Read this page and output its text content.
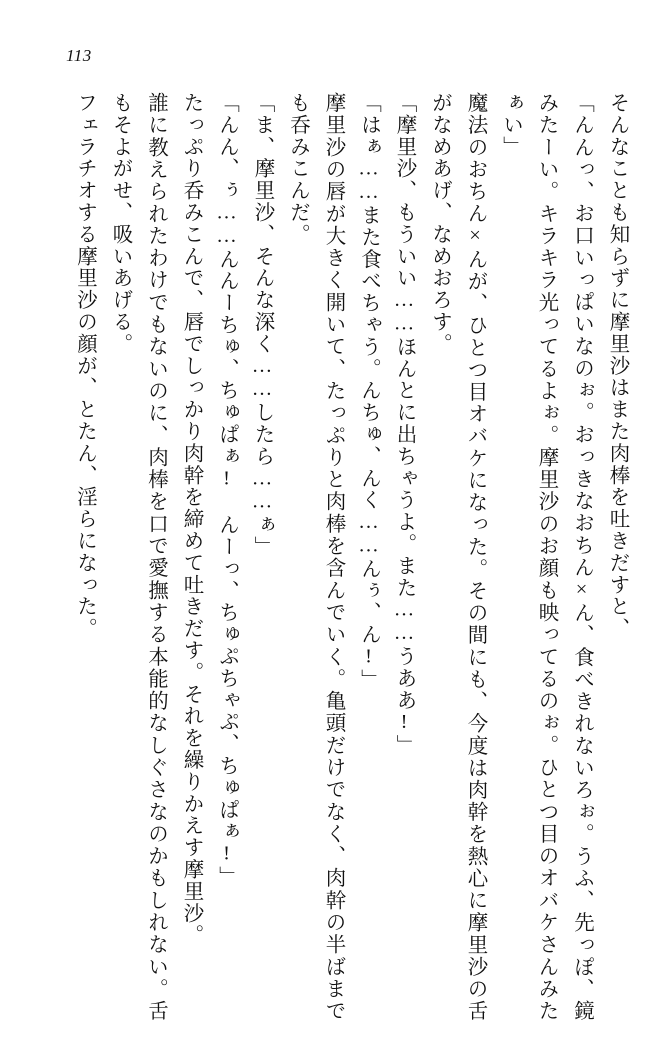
113

そんなことも知らずに摩里沙はまた肉棒を吐きだすと、

「んんっ、お口いっぱいなのぉ。おっきなおちん×ん、食べきれないろぉ。うふ、先っぽ、鏡みたーい。キラキラ光ってるよぉ。摩里沙のお顔も映ってるのぉ。ひとつ目のオバケさんみたぁい」

魔法のおちん×んが、ひとつ目オバケになった。その間にも、今度は肉幹を熱心に摩里沙の舌がなめあげ、なめおろす。

「摩里沙、もういい……ほんとに出ちゃうよ。また……うああ!」

「はぁ……また食べちゃう。んちゅ、んく……んぅ、ん!」

摩里沙の唇が大きく開いて、たっぷりと肉棒を含んでいく。亀頭だけでなく、肉幹の半ばまでも呑みこんだ。

「ま、摩里沙、そんな深く……したら……ぁ」

「んん、ぅ……んんーちゅ、ちゅぱぁ! んーっ、ちゅぷちゃぷ、ちゅぱぁ!」

たっぷり呑みこんで、唇でしっかり肉幹を締めて吐きだす。それを繰りかえす摩里沙。

誰に教えられたわけでもないのに、肉棒を口で愛撫する本能的なしぐさなのかもしれない。舌もそよがせ、吸いあげる。

フェラチオする摩里沙の顔が、とたん、淫らになった。
